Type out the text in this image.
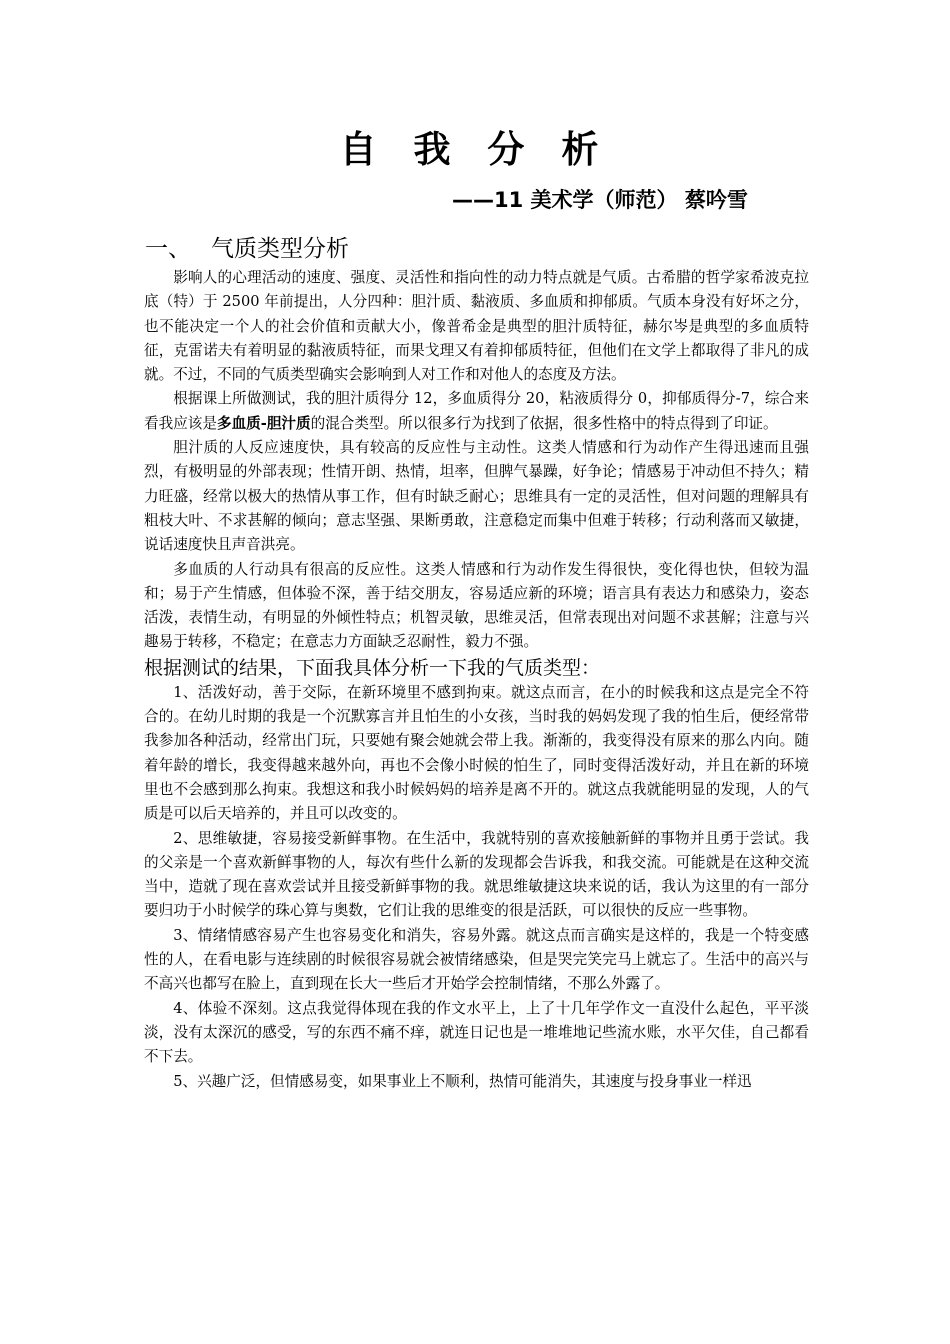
自 我 分 析
——11 美术学（师范） 蔡吟雪
一、 气质类型分析

影响人的心理活动的速度、强度、灵活性和指向性的动力特点就是气质。古希腊的哲学家希波克拉底（特）于 2500 年前提出，人分四种：胆汁质、黏液质、多血质和抑郁质。气质本身没有好坏之分，也不能决定一个人的社会价值和贡献大小，像普希金是典型的胆汁质特征，赫尔岑是典型的多血质特征，克雷诺夫有着明显的黏液质特征，而果戈理又有着抑郁质特征，但他们在文学上都取得了非凡的成就。不过，不同的气质类型确实会影响到人对工作和对他人的态度及方法。

根据课上所做测试，我的胆汁质得分 12，多血质得分 20，粘液质得分 0，抑郁质得分-7，综合来看我应该是多血质-胆汁质的混合类型。所以很多行为找到了依据，很多性格中的特点得到了印证。

胆汁质的人反应速度快，具有较高的反应性与主动性。这类人情感和行为动作产生得迅速而且强烈，有极明显的外部表现；性情开朗、热情，坦率，但脾气暴躁，好争论；情感易于冲动但不持久；精力旺盛，经常以极大的热情从事工作，但有时缺乏耐心；思维具有一定的灵活性，但对问题的理解具有粗枝大叶、不求甚解的倾向；意志坚强、果断勇敢，注意稳定而集中但难于转移；行动利落而又敏捷，说话速度快且声音洪亮。

多血质的人行动具有很高的反应性。这类人情感和行为动作发生得很快，变化得也快，但较为温和；易于产生情感，但体验不深，善于结交朋友，容易适应新的环境；语言具有表达力和感染力，姿态活泼，表情生动，有明显的外倾性特点；机智灵敏，思维灵活，但常表现出对问题不求甚解；注意与兴趣易于转移，不稳定；在意志力方面缺乏忍耐性，毅力不强。

根据测试的结果，下面我具体分析一下我的气质类型：

1、活泼好动，善于交际，在新环境里不感到拘束。就这点而言，在小的时候我和这点是完全不符合的。在幼儿时期的我是一个沉默寡言并且怕生的小女孩，当时我的妈妈发现了我的怕生后，便经常带我参加各种活动，经常出门玩，只要她有聚会她就会带上我。渐渐的，我变得没有原来的那么内向。随着年龄的增长，我变得越来越外向，再也不会像小时候的怕生了，同时变得活泼好动，并且在新的环境里也不会感到那么拘束。我想这和我小时候妈妈的培养是离不开的。就这点我就能明显的发现，人的气质是可以后天培养的，并且可以改变的。

2、思维敏捷，容易接受新鲜事物。在生活中，我就特别的喜欢接触新鲜的事物并且勇于尝试。我的父亲是一个喜欢新鲜事物的人，每次有些什么新的发现都会告诉我，和我交流。可能就是在这种交流当中，造就了现在喜欢尝试并且接受新鲜事物的我。就思维敏捷这块来说的话，我认为这里的有一部分要归功于小时候学的珠心算与奥数，它们让我的思维变的很是活跃，可以很快的反应一些事物。

3、情绪情感容易产生也容易变化和消失，容易外露。就这点而言确实是这样的，我是一个特变感性的人，在看电影与连续剧的时候很容易就会被情绪感染，但是哭完笑完马上就忘了。生活中的高兴与不高兴也都写在脸上，直到现在长大一些后才开始学会控制情绪，不那么外露了。

4、体验不深刻。这点我觉得体现在我的作文水平上，上了十几年学作文一直没什么起色，平平淡淡，没有太深沉的感受，写的东西不痛不痒，就连日记也是一堆堆地记些流水账，水平欠佳，自己都看不下去。

5、兴趣广泛，但情感易变，如果事业上不顺利，热情可能消失，其速度与投身事业一样迅
